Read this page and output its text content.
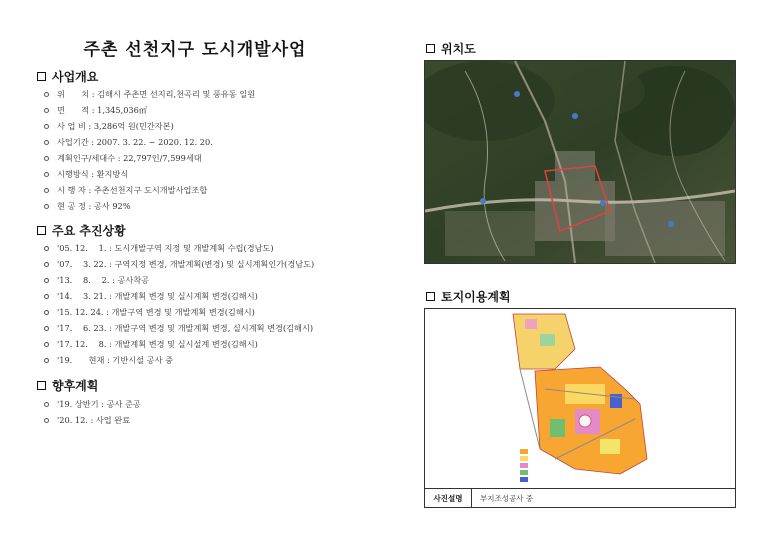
주촌 선천지구 도시개발사업
사업개요
위　　치 : 김해시 주촌면 선지리,천곡리 및 풍유동 일원
면　　적 : 1,345,036㎡
사 업 비 : 3,286억 원(민간자본)
사업기간 : 2007. 3. 22. ~ 2020. 12. 20.
계획인구/세대수 : 22,797인/7,599세대
시행방식 : 환지방식
시 행 자 : 주촌선천지구 도시개발사업조합
현 공 정 : 공사 92%
주요 추진상황
'05. 12.　 1. : 도시개발구역 지정 및 개발계획 수립(경남도)
'07.　 3. 22. : 구역지정 변경, 개발계획(변경) 및 실시계획인가(경남도)
'13.　 8.　 2. : 공사착공
'14.　 3. 21. : 개발계획 변경 및 실시계획 변경(김해시)
'15. 12. 24. : 개발구역 변경 및 개발계획 변경(김해시)
'17.　 6. 23. : 개발구역 변경 및 개발계획 변경, 실시계획 변경(김해시)
'17. 12.　 8. : 개발계획 변경 및 실시설계 변경(김해시)
'19.　　현재 : 기반시설 공사 중
향후계획
'19. 상반기 : 공사 준공
'20. 12. : 사업 완료
위치도
토지이용계획
사진설명	부지조성공사 중
